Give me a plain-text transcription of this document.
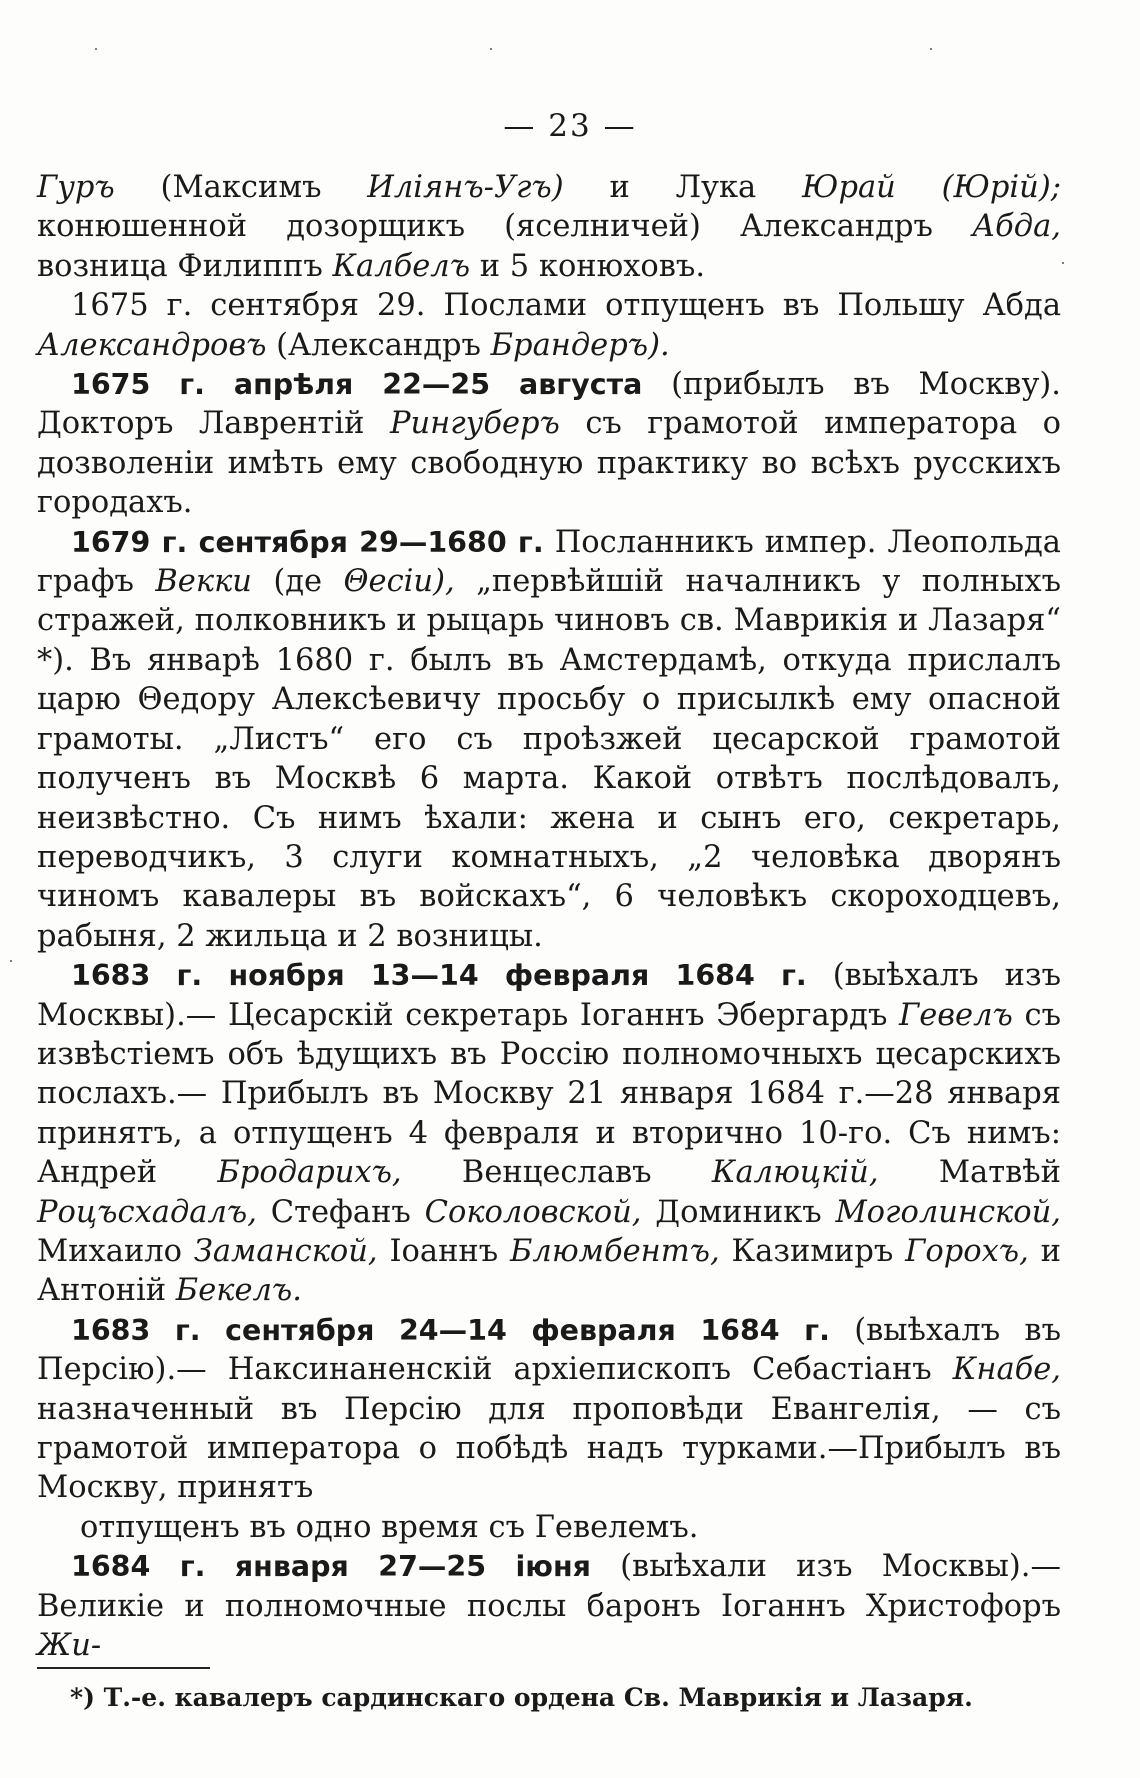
— 23 —

Гуръ (Максимъ Иліянъ-Угъ) и Лука Юрай (Юрій); конюшенной дозорщикъ (яселничей) Александръ Абда, возница Филиппъ Калбелъ и 5 конюховъ.

1675 г. сентября 29. Послами отпущенъ въ Польшу Абда Александровъ (Александръ Брандеръ).

1675 г. апрѣля 22—25 августа (прибылъ въ Москву). Докторъ Лаврентій Рингуберъ съ грамотой императора о дозволеніи имѣть ему свободную практику во всѣхъ русскихъ городахъ.

1679 г. сентября 29—1680 г. Посланникъ импер. Леопольда графъ Векки (де Θесіи), „первѣйшій началникъ у полныхъ стражей, полковникъ и рыцарь чиновъ св. Маврикія и Лазаря“ *). Въ январѣ 1680 г. былъ въ Амстердамѣ, откуда прислалъ царю Θедору Алексѣевичу просьбу о присылкѣ ему опасной грамоты. „Листъ“ его съ проѣзжей цесарской грамотой полученъ въ Москвѣ 6 марта. Какой отвѣтъ послѣдовалъ, неизвѣстно. Съ нимъ ѣхали: жена и сынъ его, секретарь, переводчикъ, 3 слуги комнатныхъ, „2 человѣка дворянъ чиномъ кавалеры въ войскахъ“, 6 человѣкъ скороходцевъ, рабыня, 2 жильца и 2 возницы.

1683 г. ноября 13—14 февраля 1684 г. (выѣхалъ изъ Москвы).— Цесарскій секретарь Іоганнъ Эбергардъ Гевелъ съ извѣстіемъ объ ѣдущихъ въ Россію полномочныхъ цесарскихъ послахъ.— Прибылъ въ Москву 21 января 1684 г.—28 января принятъ, а отпущенъ 4 февраля и вторично 10-го. Съ нимъ: Андрей Бродарихъ, Венцеславъ Калюцкій, Матвѣй Роцъсхадалъ, Стефанъ Соколовской, Доминикъ Моголинской, Михаило Заманской, Іоаннъ Блюмбентъ, Казимиръ Горохъ, и Антоній Бекелъ.

1683 г. сентября 24—14 февраля 1684 г. (выѣхалъ въ Персію).— Наксинаненскій архіепископъ Себастіанъ Кнабе, назначенный въ Персію для проповѣди Евангелія, — съ грамотой императора о побѣдѣ надъ турками.—Прибылъ въ Москву, принятъ

отпущенъ въ одно время съ Гевелемъ.

1684 г. января 27—25 іюня (выѣхали изъ Москвы).— Великіе и полномочные послы баронъ Іоганнъ Христофоръ Жи-

*) Т.-е. кавалеръ сардинскаго ордена Св. Маврикія и Лазаря.
